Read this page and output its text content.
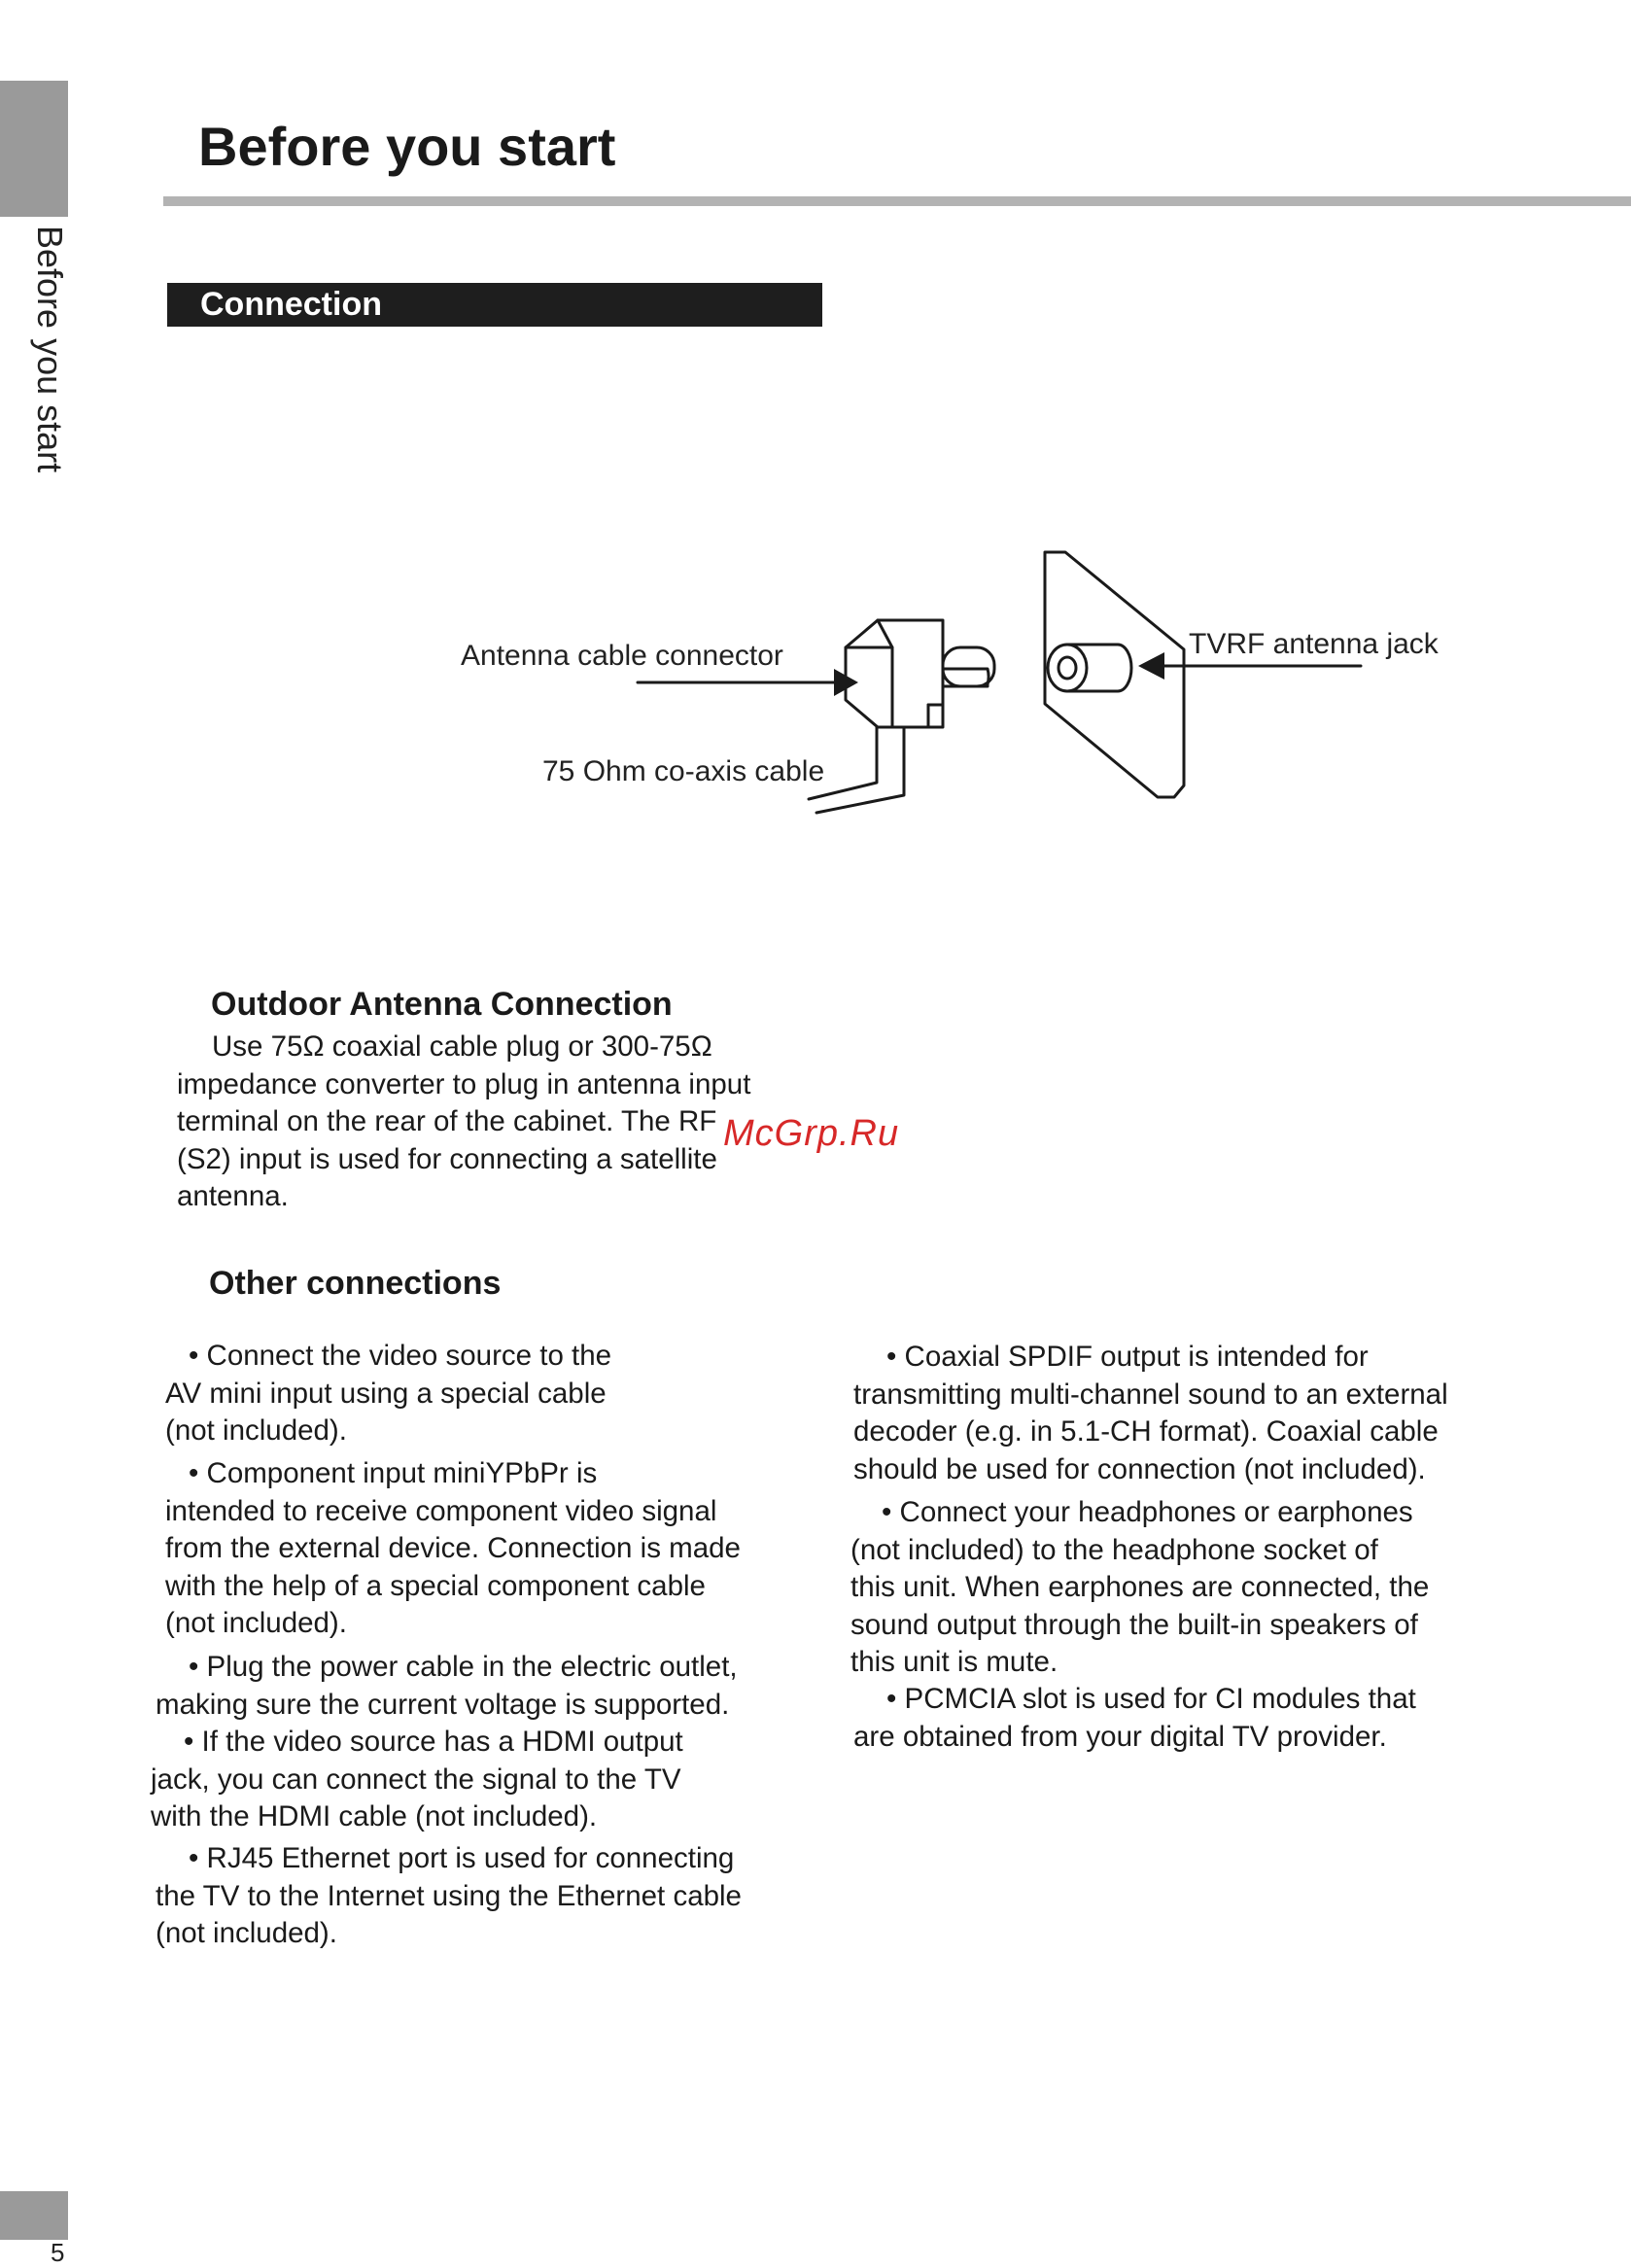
Before you start
Before you start
Connection
Antenna cable connector
75 Ohm co-axis cable
TVRF antenna jack
Outdoor Antenna Connection
Use 75Ω coaxial cable plug or 300-75Ω
impedance converter to plug in antenna input
terminal on the rear of the cabinet. The RF
(S2) input is used for connecting a satellite
antenna.
McGrp.Ru
Other connections
• Connect the video source to the
AV mini input using a special cable
(not included).
• Component input miniYPbPr is
intended to receive component video signal
from the external device. Connection is made
with the help of a special component cable
(not included).
• Plug the power cable in the electric outlet,
making sure the current voltage is supported.
• If the video source has a HDMI output
jack, you can connect the signal to the TV
with the HDMI cable (not included).
• RJ45 Ethernet port is used for connecting
the TV to the Internet using the Ethernet cable
(not included).
• Coaxial SPDIF output is intended for
transmitting multi-channel sound to an external
decoder (e.g. in 5.1-CH format). Coaxial cable
should be used for connection (not included).
• Connect your headphones or earphones
(not included) to the headphone socket of
this unit. When earphones are connected, the
sound output through the built-in speakers of
this unit is mute.
• PCMCIA slot is used for CI modules that
are obtained from your digital TV provider.
5
